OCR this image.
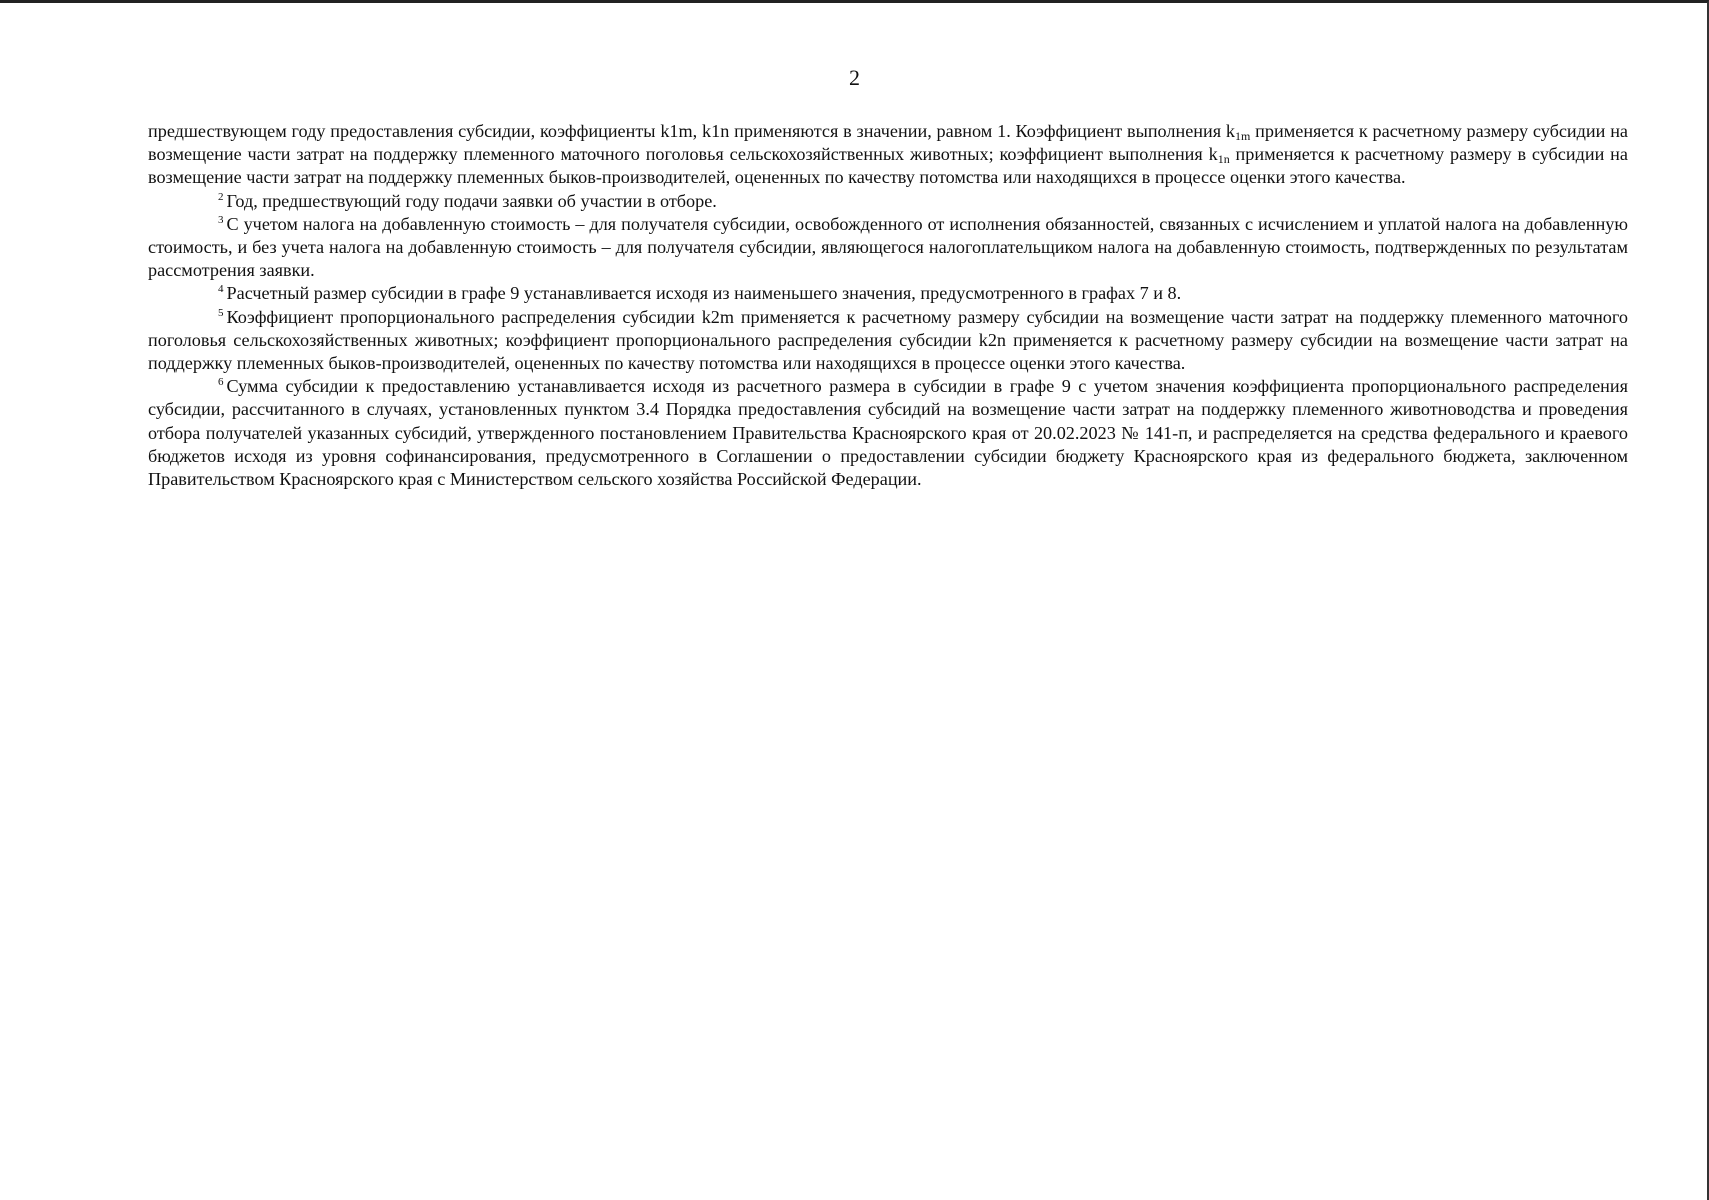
2

предшествующем году предоставления субсидии, коэффициенты k1m, k1n применяются в значении, равном 1. Коэффициент выполнения $k_{1m}$ применяется к расчетному размеру субсидии на возмещение части затрат на поддержку племенного маточного поголовья сельскохозяйственных животных; коэффициент выполнения $k_{1n}$ применяется к расчетному размеру в субсидии на возмещение части затрат на поддержку племенных быков-производителей, оцененных по качеству потомства или находящихся в процессе оценки этого качества.

$^2$ Год, предшествующий году подачи заявки об участии в отборе.

$^3$ С учетом налога на добавленную стоимость – для получателя субсидии, освобожденного от исполнения обязанностей, связанных с исчислением и уплатой налога на добавленную стоимость, и без учета налога на добавленную стоимость – для получателя субсидии, являющегося налогоплательщиком налога на добавленную стоимость, подтвержденных по результатам рассмотрения заявки.

$^4$ Расчетный размер субсидии в графе 9 устанавливается исходя из наименьшего значения, предусмотренного в графах 7 и 8.

$^5$ Коэффициент пропорционального распределения субсидии k2m применяется к расчетному размеру субсидии на возмещение части затрат на поддержку племенного маточного поголовья сельскохозяйственных животных; коэффициент пропорционального распределения субсидии k2n применяется к расчетному размеру субсидии на возмещение части затрат на поддержку племенных быков-производителей, оцененных по качеству потомства или находящихся в процессе оценки этого качества.

$^6$ Сумма субсидии к предоставлению устанавливается исходя из расчетного размера в субсидии в графе 9 с учетом значения коэффициента пропорционального распределения субсидии, рассчитанного в случаях, установленных пунктом 3.4 Порядка предоставления субсидий на возмещение части затрат на поддержку племенного животноводства и проведения отбора получателей указанных субсидий, утвержденного постановлением Правительства Красноярского края от 20.02.2023 № 141-п, и распределяется на средства федерального и краевого бюджетов исходя из уровня софинансирования, предусмотренного в Соглашении о предоставлении субсидии бюджету Красноярского края из федерального бюджета, заключенном Правительством Красноярского края с Министерством сельского хозяйства Российской Федерации.
